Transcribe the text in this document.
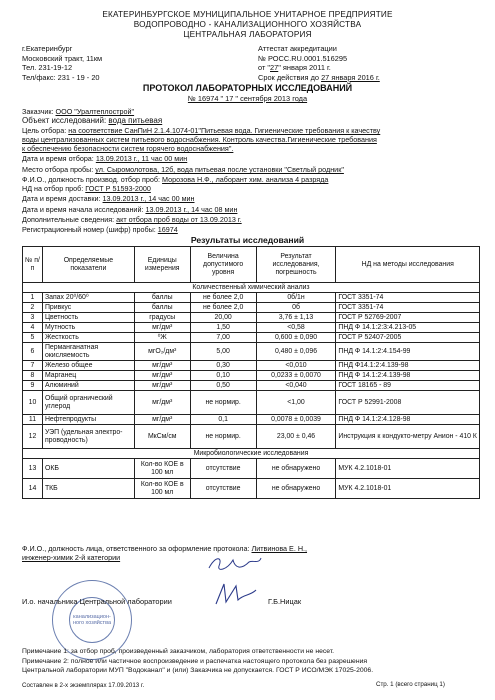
ЕКАТЕРИНБУРГСКОЕ МУНИЦИПАЛЬНОЕ УНИТАРНОЕ ПРЕДПРИЯТИЕ
ВОДОПРОВОДНО - КАНАЛИЗАЦИОННОГО ХОЗЯЙСТВА
ЦЕНТРАЛЬНАЯ ЛАБОРАТОРИЯ
г.Екатеринбург
Московский тракт, 11км
Тел. 231-19-12
Тел/факс: 231 - 19 - 20
Аттестат аккредитации
№ РОСС.RU.0001.516295
от "27" января 2011 г.
Срок действия до 27 января 2016 г.
ПРОТОКОЛ ЛАБОРАТОРНЫХ ИССЛЕДОВАНИЙ
№ 16974 " 17 " сентября 2013 года
Заказчик: ООО "Уралтеплострой"
Объект исследований: вода питьевая
Цель отбора: на соответствие СанПиН 2.1.4.1074-01"Питьевая вода. Гигиенические требования к качеству
воды централизованных систем питьевого водоснабжения. Контроль качества.Гигиенические требования
к обеспечению безопасности систем горячего водоснабжения".
Дата и время отбора: 13.09.2013 г., 11 час 00 мин
Место отбора пробы: ул. Сыромолотова, 12б, вода питьевая после установки "Светлый родник"
Ф.И.О., должность производ. отбор проб: Морозова Н.Ф., лаборант хим. анализа 4 разряда
НД на отбор проб: ГОСТ Р 51593-2000
Дата и время доставки: 13.09.2013 г., 14 час 00 мин
Дата и время начала исследований: 13.09.2013 г., 14 час 08 мин
Дополнительные сведения: акт отбора проб воды от 13.09.2013 г.
Регистрационный номер (шифр) пробы: 16974
Результаты исследований
№ п/п	Определяемые показатели	Единицы измерения	Величина допустимого уровня	Результат исследования, погрешность	НД на методы исследования
Количественный химический анализ					
1	Запах 20⁰/60⁰	баллы	не более 2,0	0б/1н	ГОСТ 3351-74
2	Привкус	баллы	не более 2,0	0б	ГОСТ 3351-74
3	Цветность	градусы	20,00	3,76 ± 1,13	ГОСТ Р 52769-2007
4	Мутность	мг/дм³	1,50	<0,58	ПНД Ф 14.1:2:3:4.213-05
5	Жесткость	⁰Ж	7,00	0,600 ± 0,090	ГОСТ Р 52407-2005
6	Перманганатная окисляемость	мгО₂/дм³	5,00	0,480 ± 0,096	ПНД Ф 14.1:2:4.154-99
7	Железо общее	мг/дм³	0,30	<0,010	ПНД Ф14.1:2:4.139-98
8	Марганец	мг/дм³	0,10	0,0233 ± 0,0070	ПНД Ф 14.1:2:4.139-98
9	Алюминий	мг/дм³	0,50	<0,040	ГОСТ 18165 - 89
10	Общий органический углерод	мг/дм³	не нормир.	<1,00	ГОСТ Р 52991-2008
11	Нефтепродукты	мг/дм³	0,1	0,0078 ± 0,0039	ПНД Ф 14.1:2:4.128-98
12	УЭП (удельная электро-проводность)	МкСм/см	не нормир.	23,00 ± 0,46	Инструкция к кондукто-метру Анион - 410 К
Микробиологические исследования					
13	ОКБ	Кол-во КОЕ в 100 мл	отсутствие	не обнаружено	МУК 4.2.1018-01
14	ТКБ	Кол-во КОЕ в 100 мл	отсутствие	не обнаружено	МУК 4.2.1018-01
Ф.И.О., должность лица, ответственного за оформление протокола: Литвинова Е. Н.,
инженер-химик 2-й категории
канализацион-ного хозяйства
И.о. начальника Центральной лаборатории	Г.Б.Ницак
Примечание 1: за отбор проб, произведенный заказчиком, лаборатория ответственности не несет.
Примечание 2: полное или частичное воспроизведение и распечатка настоящего протокола без разрешения
Центральной лаборатории МУП "Водоканал" и (или) Заказчика не допускается. ГОСТ Р ИСО/МЭК 17025-2006.
Составлен в 2-х экземплярах 17.09.2013 г.	Стр. 1 (всего страниц 1)
